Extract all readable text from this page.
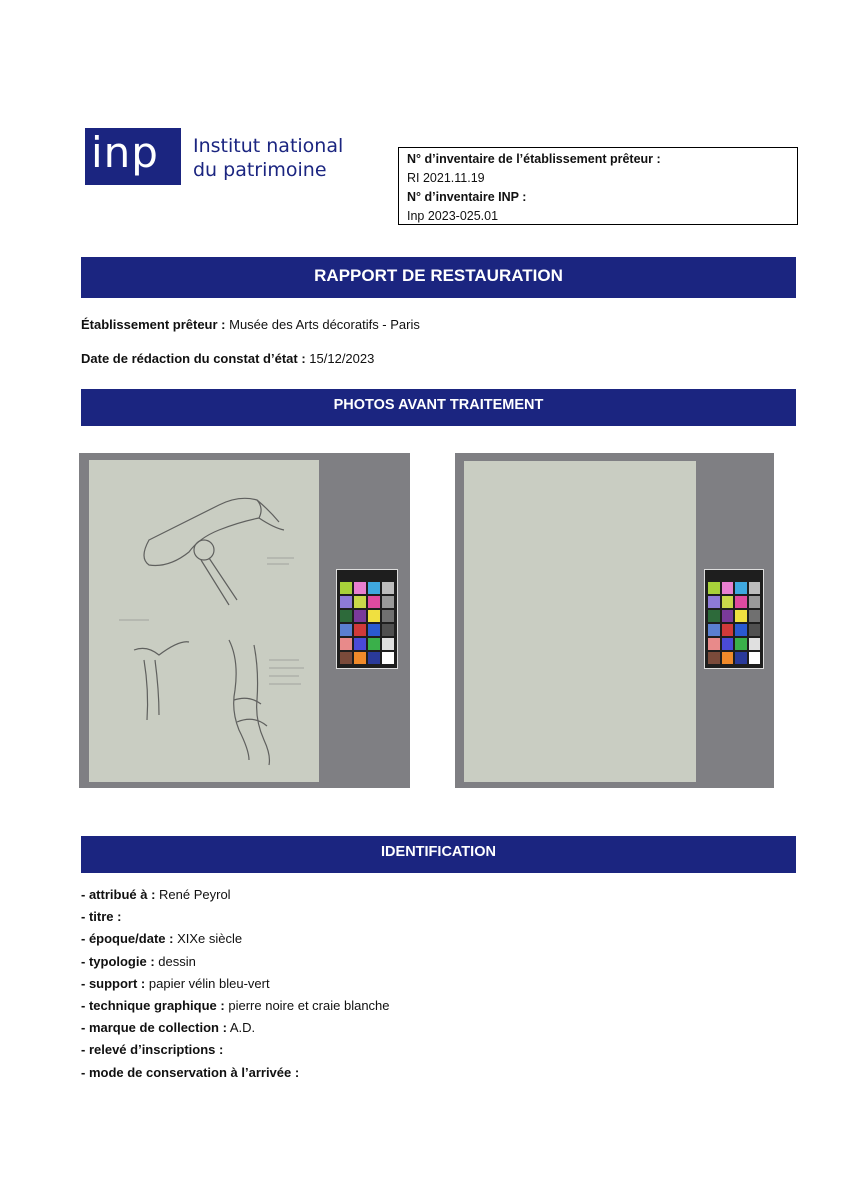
inp	Institut national
du patrimoine	N° d’inventaire de l’établissement prêteur :
RI 2021.11.19
N° d’inventaire INP :
Inp 2023-025.01
RAPPORT DE RESTAURATION
Établissement prêteur : Musée des Arts décoratifs - Paris
Date de rédaction du constat d’état : 15/12/2023
PHOTOS AVANT TRAITEMENT
IDENTIFICATION
- attribué à : René Peyrol
- titre :
- époque/date : XIXe siècle
- typologie : dessin
- support : papier vélin bleu-vert
- technique graphique : pierre noire et craie blanche
- marque de collection : A.D.
- relevé d’inscriptions :
- mode de conservation à l’arrivée :
